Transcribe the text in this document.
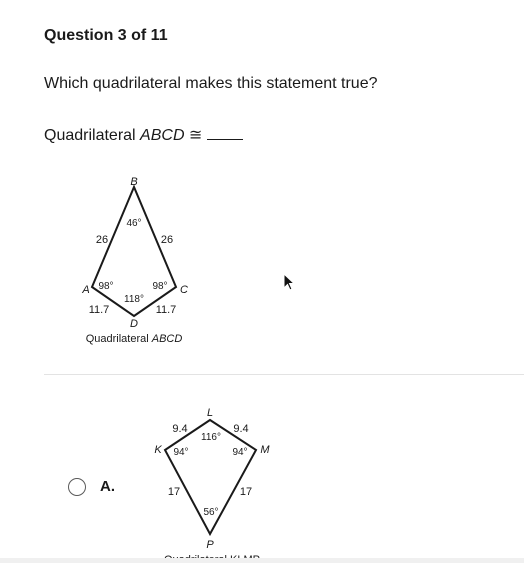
Question 3 of 11
Which quadrilateral makes this statement true?
Quadrilateral ABCD ≅
B
A	C
D
26	26
11.7	11.7
46°
98°	98°
118°
Quadrilateral ABCD
A.
L
K	M
P
9.4	9.4
17	17
116°
94°	94°
56°
